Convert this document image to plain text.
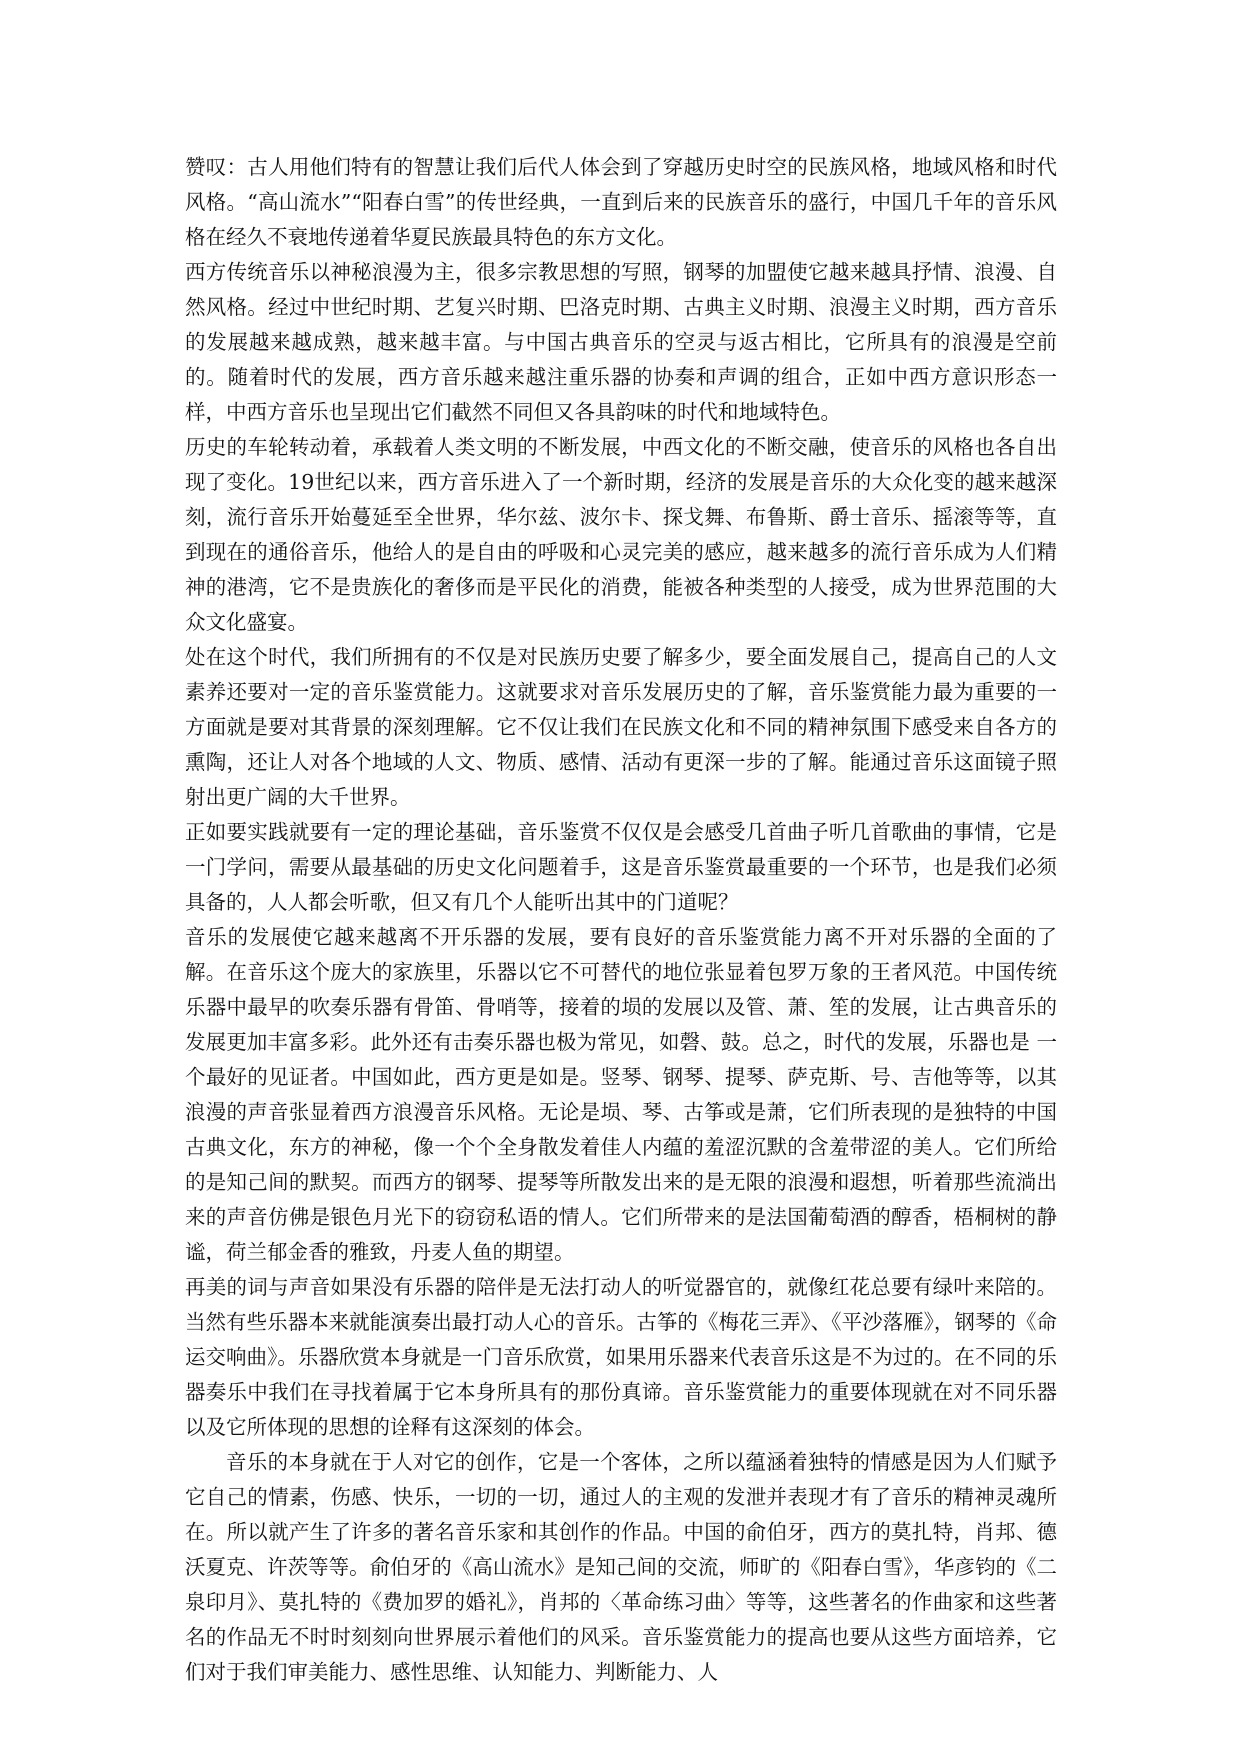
赞叹：古人用他们特有的智慧让我们后代人体会到了穿越历史时空的民族风格，地域风格和时代风格。“高山流水”“阳春白雪”的传世经典，一直到后来的民族音乐的盛行，中国几千年的音乐风格在经久不衰地传递着华夏民族最具特色的东方文化。

西方传统音乐以神秘浪漫为主，很多宗教思想的写照，钢琴的加盟使它越来越具抒情、浪漫、自然风格。经过中世纪时期、艺复兴时期、巴洛克时期、古典主义时期、浪漫主义时期，西方音乐的发展越来越成熟，越来越丰富。与中国古典音乐的空灵与返古相比，它所具有的浪漫是空前的。随着时代的发展，西方音乐越来越注重乐器的协奏和声调的组合，正如中西方意识形态一样，中西方音乐也呈现出它们截然不同但又各具韵味的时代和地域特色。

历史的车轮转动着，承载着人类文明的不断发展，中西文化的不断交融，使音乐的风格也各自出现了变化。19世纪以来，西方音乐进入了一个新时期，经济的发展是音乐的大众化变的越来越深刻，流行音乐开始蔓延至全世界，华尔兹、波尔卡、探戈舞、布鲁斯、爵士音乐、摇滚等等，直到现在的通俗音乐，他给人的是自由的呼吸和心灵完美的感应，越来越多的流行音乐成为人们精神的港湾，它不是贵族化的奢侈而是平民化的消费，能被各种类型的人接受，成为世界范围的大众文化盛宴。

处在这个时代，我们所拥有的不仅是对民族历史要了解多少，要全面发展自己，提高自己的人文素养还要对一定的音乐鉴赏能力。这就要求对音乐发展历史的了解，音乐鉴赏能力最为重要的一方面就是要对其背景的深刻理解。它不仅让我们在民族文化和不同的精神氛围下感受来自各方的熏陶，还让人对各个地域的人文、物质、感情、活动有更深一步的了解。能通过音乐这面镜子照射出更广阔的大千世界。

正如要实践就要有一定的理论基础，音乐鉴赏不仅仅是会感受几首曲子听几首歌曲的事情，它是一门学问，需要从最基础的历史文化问题着手，这是音乐鉴赏最重要的一个环节，也是我们必须具备的，人人都会听歌，但又有几个人能听出其中的门道呢？

音乐的发展使它越来越离不开乐器的发展，要有良好的音乐鉴赏能力离不开对乐器的全面的了解。在音乐这个庞大的家族里，乐器以它不可替代的地位张显着包罗万象的王者风范。中国传统乐器中最早的吹奏乐器有骨笛、骨哨等，接着的埙的发展以及管、萧、笙的发展，让古典音乐的发展更加丰富多彩。此外还有击奏乐器也极为常见，如磬、鼓。总之，时代的发展，乐器也是 一个最好的见证者。中国如此，西方更是如是。竖琴、钢琴、提琴、萨克斯、号、吉他等等，以其浪漫的声音张显着西方浪漫音乐风格。无论是埙、琴、古筝或是萧，它们所表现的是独特的中国古典文化，东方的神秘，像一个个全身散发着佳人内蕴的羞涩沉默的含羞带涩的美人。它们所给的是知己间的默契。而西方的钢琴、提琴等所散发出来的是无限的浪漫和遐想，听着那些流淌出来的声音仿佛是银色月光下的窃窃私语的情人。它们所带来的是法国葡萄酒的醇香，梧桐树的静谧，荷兰郁金香的雅致，丹麦人鱼的期望。

再美的词与声音如果没有乐器的陪伴是无法打动人的听觉器官的，就像红花总要有绿叶来陪的。当然有些乐器本来就能演奏出最打动人心的音乐。古筝的《梅花三弄》、《平沙落雁》，钢琴的《命运交响曲》。乐器欣赏本身就是一门音乐欣赏，如果用乐器来代表音乐这是不为过的。在不同的乐器奏乐中我们在寻找着属于它本身所具有的那份真谛。音乐鉴赏能力的重要体现就在对不同乐器以及它所体现的思想的诠释有这深刻的体会。

音乐的本身就在于人对它的创作，它是一个客体，之所以蕴涵着独特的情感是因为人们赋予它自己的情素，伤感、快乐，一切的一切，通过人的主观的发泄并表现才有了音乐的精神灵魂所在。所以就产生了许多的著名音乐家和其创作的作品。中国的俞伯牙，西方的莫扎特，肖邦、德沃夏克、许茨等等。俞伯牙的《高山流水》是知己间的交流，师旷的《阳春白雪》，华彦钧的《二泉印月》、莫扎特的《费加罗的婚礼》，肖邦的〈革命练习曲〉等等，这些著名的作曲家和这些著名的作品无不时时刻刻向世界展示着他们的风采。音乐鉴赏能力的提高也要从这些方面培养，它们对于我们审美能力、感性思维、认知能力、判断能力、人
